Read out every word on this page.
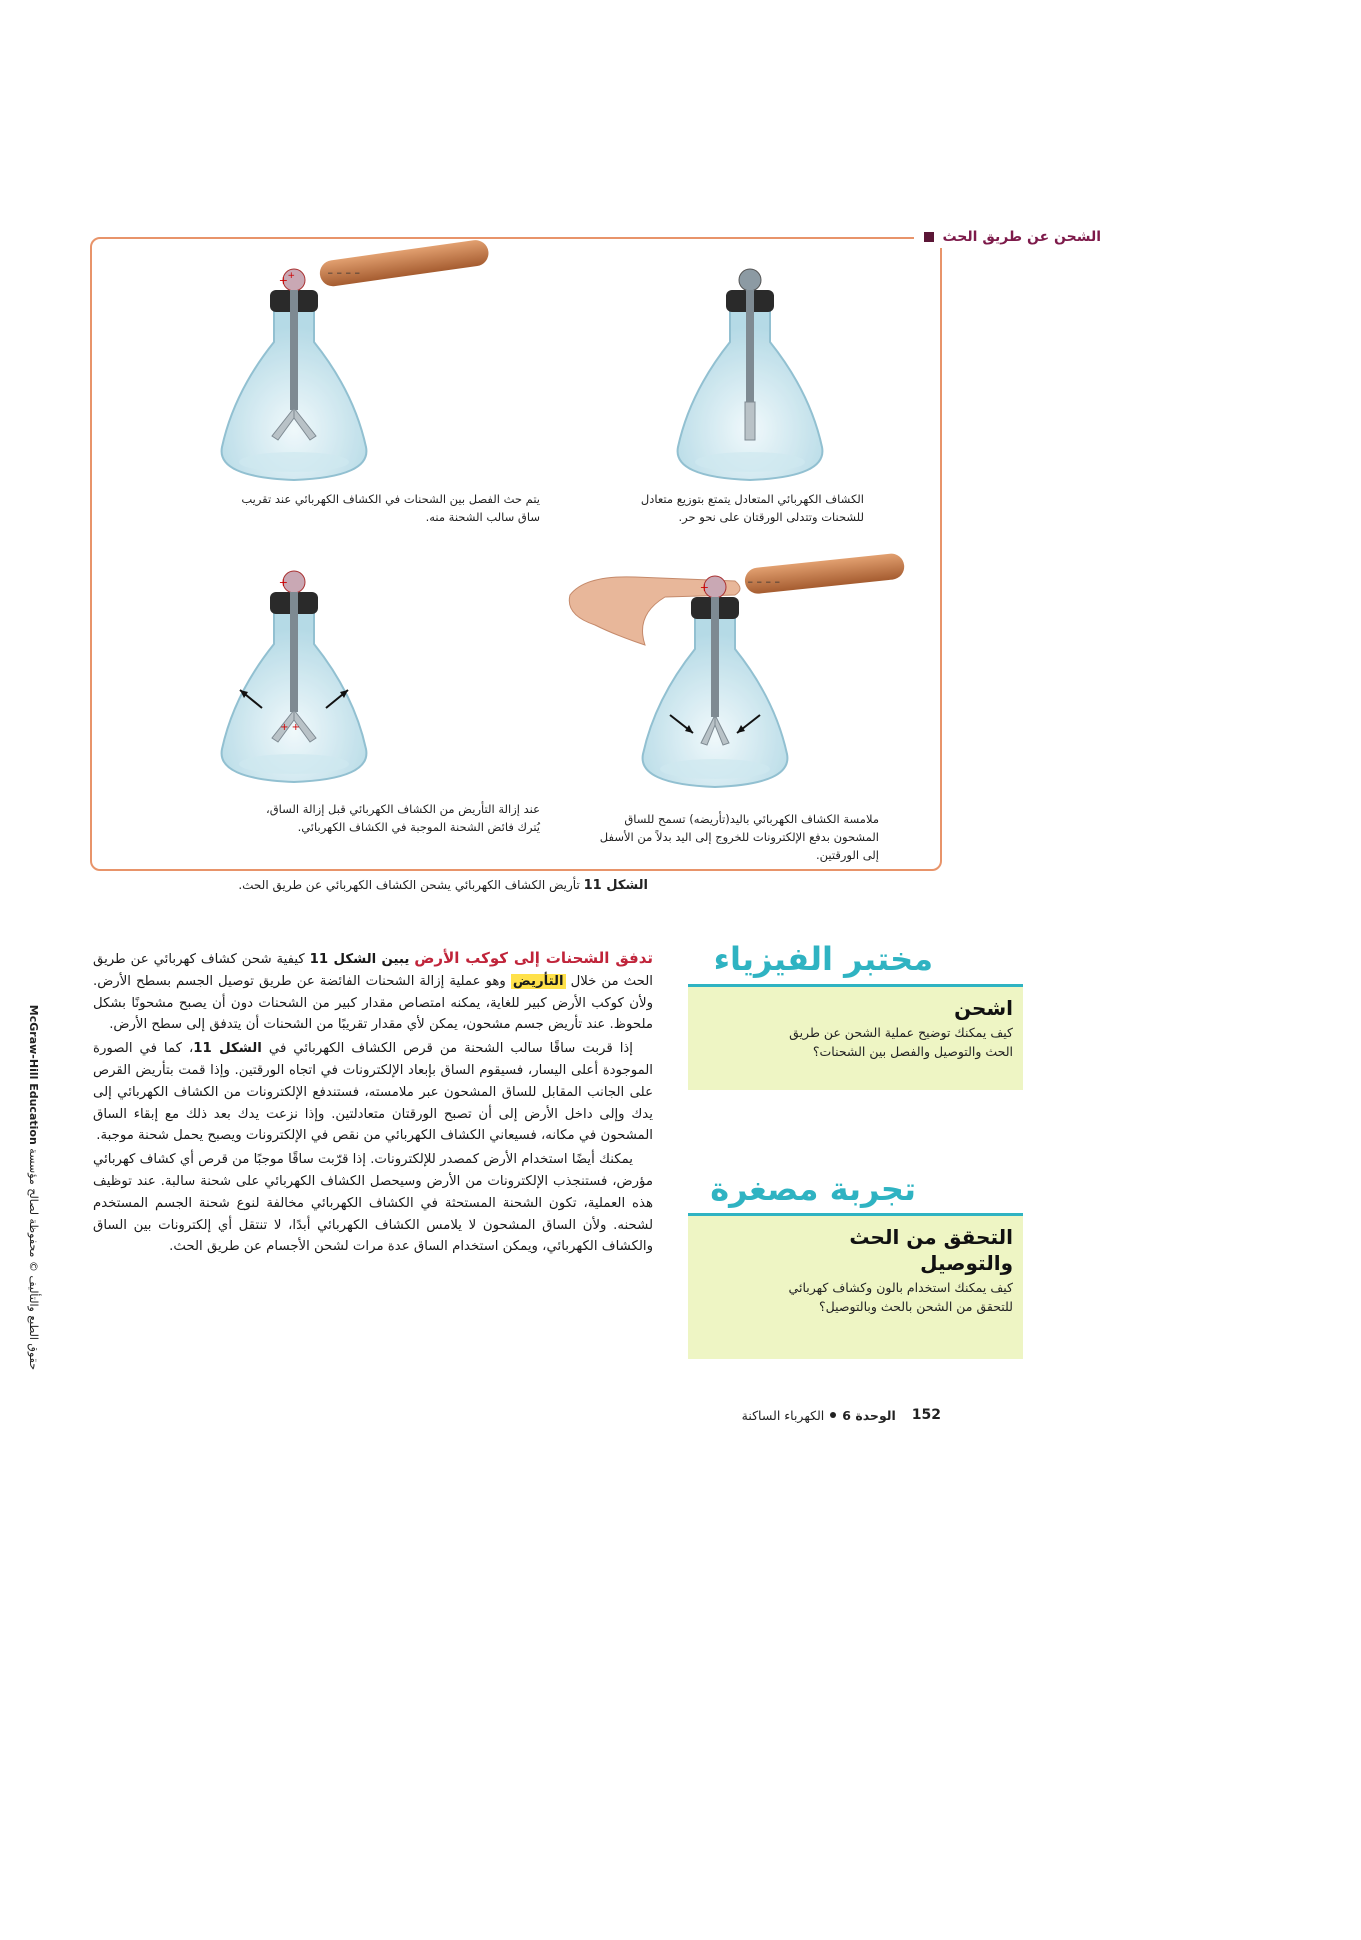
الشحن عن طريق الحث
الكشاف الكهربائي المتعادل يتمتع بتوزيع متعادل للشحنات وتتدلى الورقتان على نحو حر.
+ +	– – – –
يتم حث الفصل بين الشحنات في الكشاف الكهربائي عند تقريب ساق سالب الشحنة منه.
+	– – – –
ملامسة الكشاف الكهربائي باليد(تأريضه) تسمح للساق المشحون بدفع الإلكترونات للخروج إلى اليد بدلاً من الأسفل إلى الورقتين.
+
+ +
عند إزالة التأريض من الكشاف الكهربائي قبل إزالة الساق، يُترك فائض الشحنة الموجبة في الكشاف الكهربائي.
الشكل 11 تأريض الكشاف الكهربائي يشحن الكشاف الكهربائي عن طريق الحث.
مختبر الفيزياء
اشحن

كيف يمكنك توضيح عملية الشحن عن طريق الحث والتوصيل والفصل بين الشحنات؟

تجربة مصغرة
التحقق من الحث والتوصيل

كيف يمكنك استخدام بالون وكشاف كهربائي للتحقق من الشحن بالحث وبالتوصيل؟

تدفق الشحنات إلى كوكب الأرض يبين الشكل 11 كيفية شحن كشاف كهربائي عن طريق الحث من خلال التأريض وهو عملية إزالة الشحنات الفائضة عن طريق توصيل الجسم بسطح الأرض. ولأن كوكب الأرض كبير للغاية، يمكنه امتصاص مقدار كبير من الشحنات دون أن يصبح مشحونًا بشكل ملحوظ. عند تأريض جسم مشحون، يمكن لأي مقدار تقريبًا من الشحنات أن يتدفق إلى سطح الأرض.

إذا قربت ساقًا سالب الشحنة من قرص الكشاف الكهربائي في الشكل 11، كما في الصورة الموجودة أعلى اليسار، فسيقوم الساق بإبعاد الإلكترونات في اتجاه الورقتين. وإذا قمت بتأريض القرص على الجانب المقابل للساق المشحون عبر ملامسته، فستندفع الإلكترونات من الكشاف الكهربائي إلى يدك وإلى داخل الأرض إلى أن تصبح الورقتان متعادلتين. وإذا نزعت يدك بعد ذلك مع إبقاء الساق المشحون في مكانه، فسيعاني الكشاف الكهربائي من نقص في الإلكترونات ويصبح يحمل شحنة موجبة.

يمكنك أيضًا استخدام الأرض كمصدر للإلكترونات. إذا قرّبت ساقًا موجبًا من قرص أي كشاف كهربائي مؤرض، فستنجذب الإلكترونات من الأرض وسيحصل الكشاف الكهربائي على شحنة سالبة. عند توظيف هذه العملية، تكون الشحنة المستحثة في الكشاف الكهربائي مخالفة لنوع شحنة الجسم المستخدم لشحنه. ولأن الساق المشحون لا يلامس الكشاف الكهربائي أبدًا، لا تنتقل أي إلكترونات بين الساق والكشاف الكهربائي، ويمكن استخدام الساق عدة مرات لشحن الأجسام عن طريق الحث.

حقوق الطبع والتأليف © محفوظة لصالح مؤسسة McGraw-Hill Education
152
الوحدة 6
الكهرباء الساكنة
